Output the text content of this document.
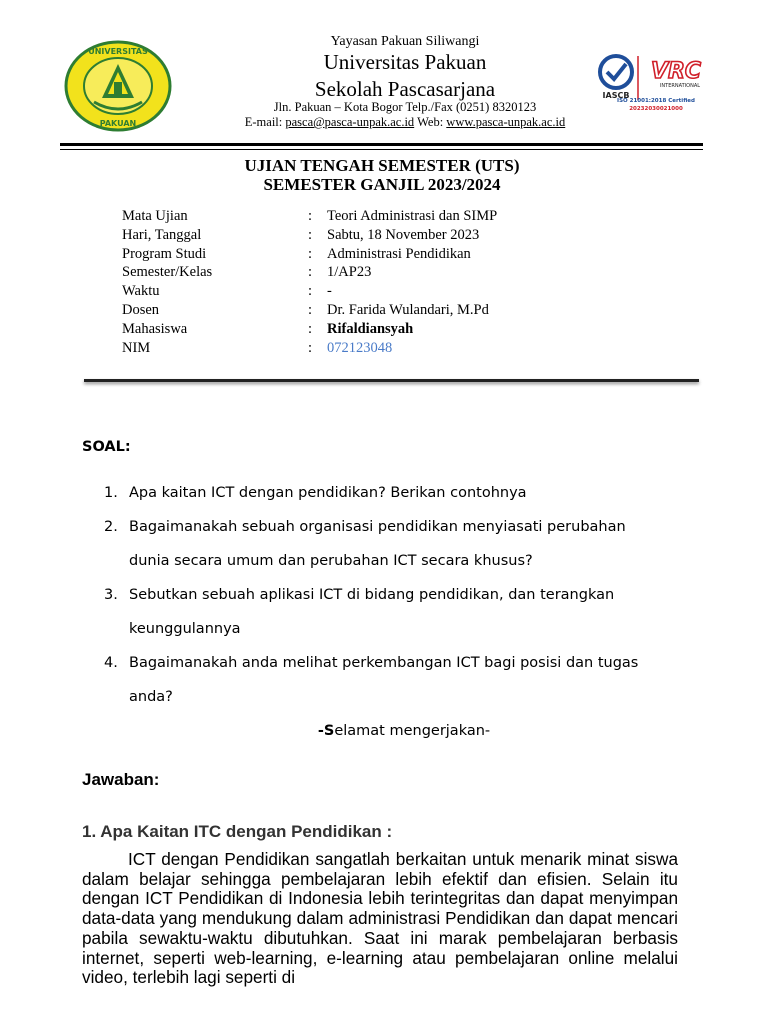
UNIVERSITAS
PAKUAN
Yayasan Pakuan Siliwangi
Universitas Pakuan
Sekolah Pascasarjana
Jln. Pakuan – Kota Bogor Telp./Fax (0251) 8320123
E-mail: pasca@pasca-unpak.ac.id Web: www.pasca-unpak.ac.id
IASCB
VRC
INTERNATIONAL
ISO 21001:2018 Certified
20232030021000
UJIAN TENGAH SEMESTER (UTS)
SEMESTER GANJIL 2023/2024
Mata Ujian	: Teori Administrasi dan SIMP
Hari, Tanggal	: Sabtu, 18 November 2023
Program Studi	: Administrasi Pendidikan
Semester/Kelas	: 1/AP23
Waktu	: -
Dosen	: Dr. Farida Wulandari, M.Pd
Mahasiswa	: Rifaldiansyah
NIM	: 072123048
SOAL:
1. Apa kaitan ICT dengan pendidikan? Berikan contohnya
2. Bagaimanakah sebuah organisasi pendidikan menyiasati perubahan
dunia secara umum dan perubahan ICT secara khusus?
3. Sebutkan sebuah aplikasi ICT di bidang pendidikan, dan terangkan
keunggulannya
4. Bagaimanakah anda melihat perkembangan ICT bagi posisi dan tugas
anda?
-Selamat mengerjakan-
Jawaban:
1. Apa Kaitan ITC dengan Pendidikan :
ICT dengan Pendidikan sangatlah berkaitan untuk menarik minat siswa dalam belajar sehingga pembelajaran lebih efektif dan efisien. Selain itu dengan ICT Pendidikan di Indonesia lebih terintegritas dan dapat menyimpan data-data yang mendukung dalam administrasi Pendidikan dan dapat mencari pabila sewaktu-waktu dibutuhkan. Saat ini marak pembelajaran berbasis internet, seperti web-learning, e-learning atau pembelajaran online melalui video, terlebih lagi seperti di
